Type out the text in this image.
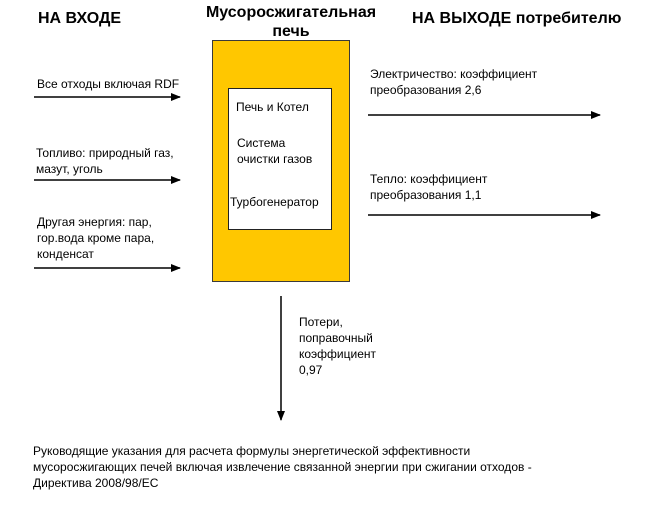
НА ВХОДЕ	Мусоросжигательная печь
НА ВЫХОДЕ потребителю
Печь и Котел
Система очистки газов
Турбогенератор
Все отходы включая RDF
Топливо: природный газ, мазут, уголь
Другая энергия: пар, гор.вода кроме пара, конденсат
Электричество: коэффициент преобразования 2,6
Тепло: коэффициент преобразования 1,1
Потери, поправочный коэффициент 0,97
Руководящие указания для расчета формулы энергетической эффективности мусоросжигающих печей включая извлечение связанной энергии при сжигании отходов - Директива 2008/98/ЕС
